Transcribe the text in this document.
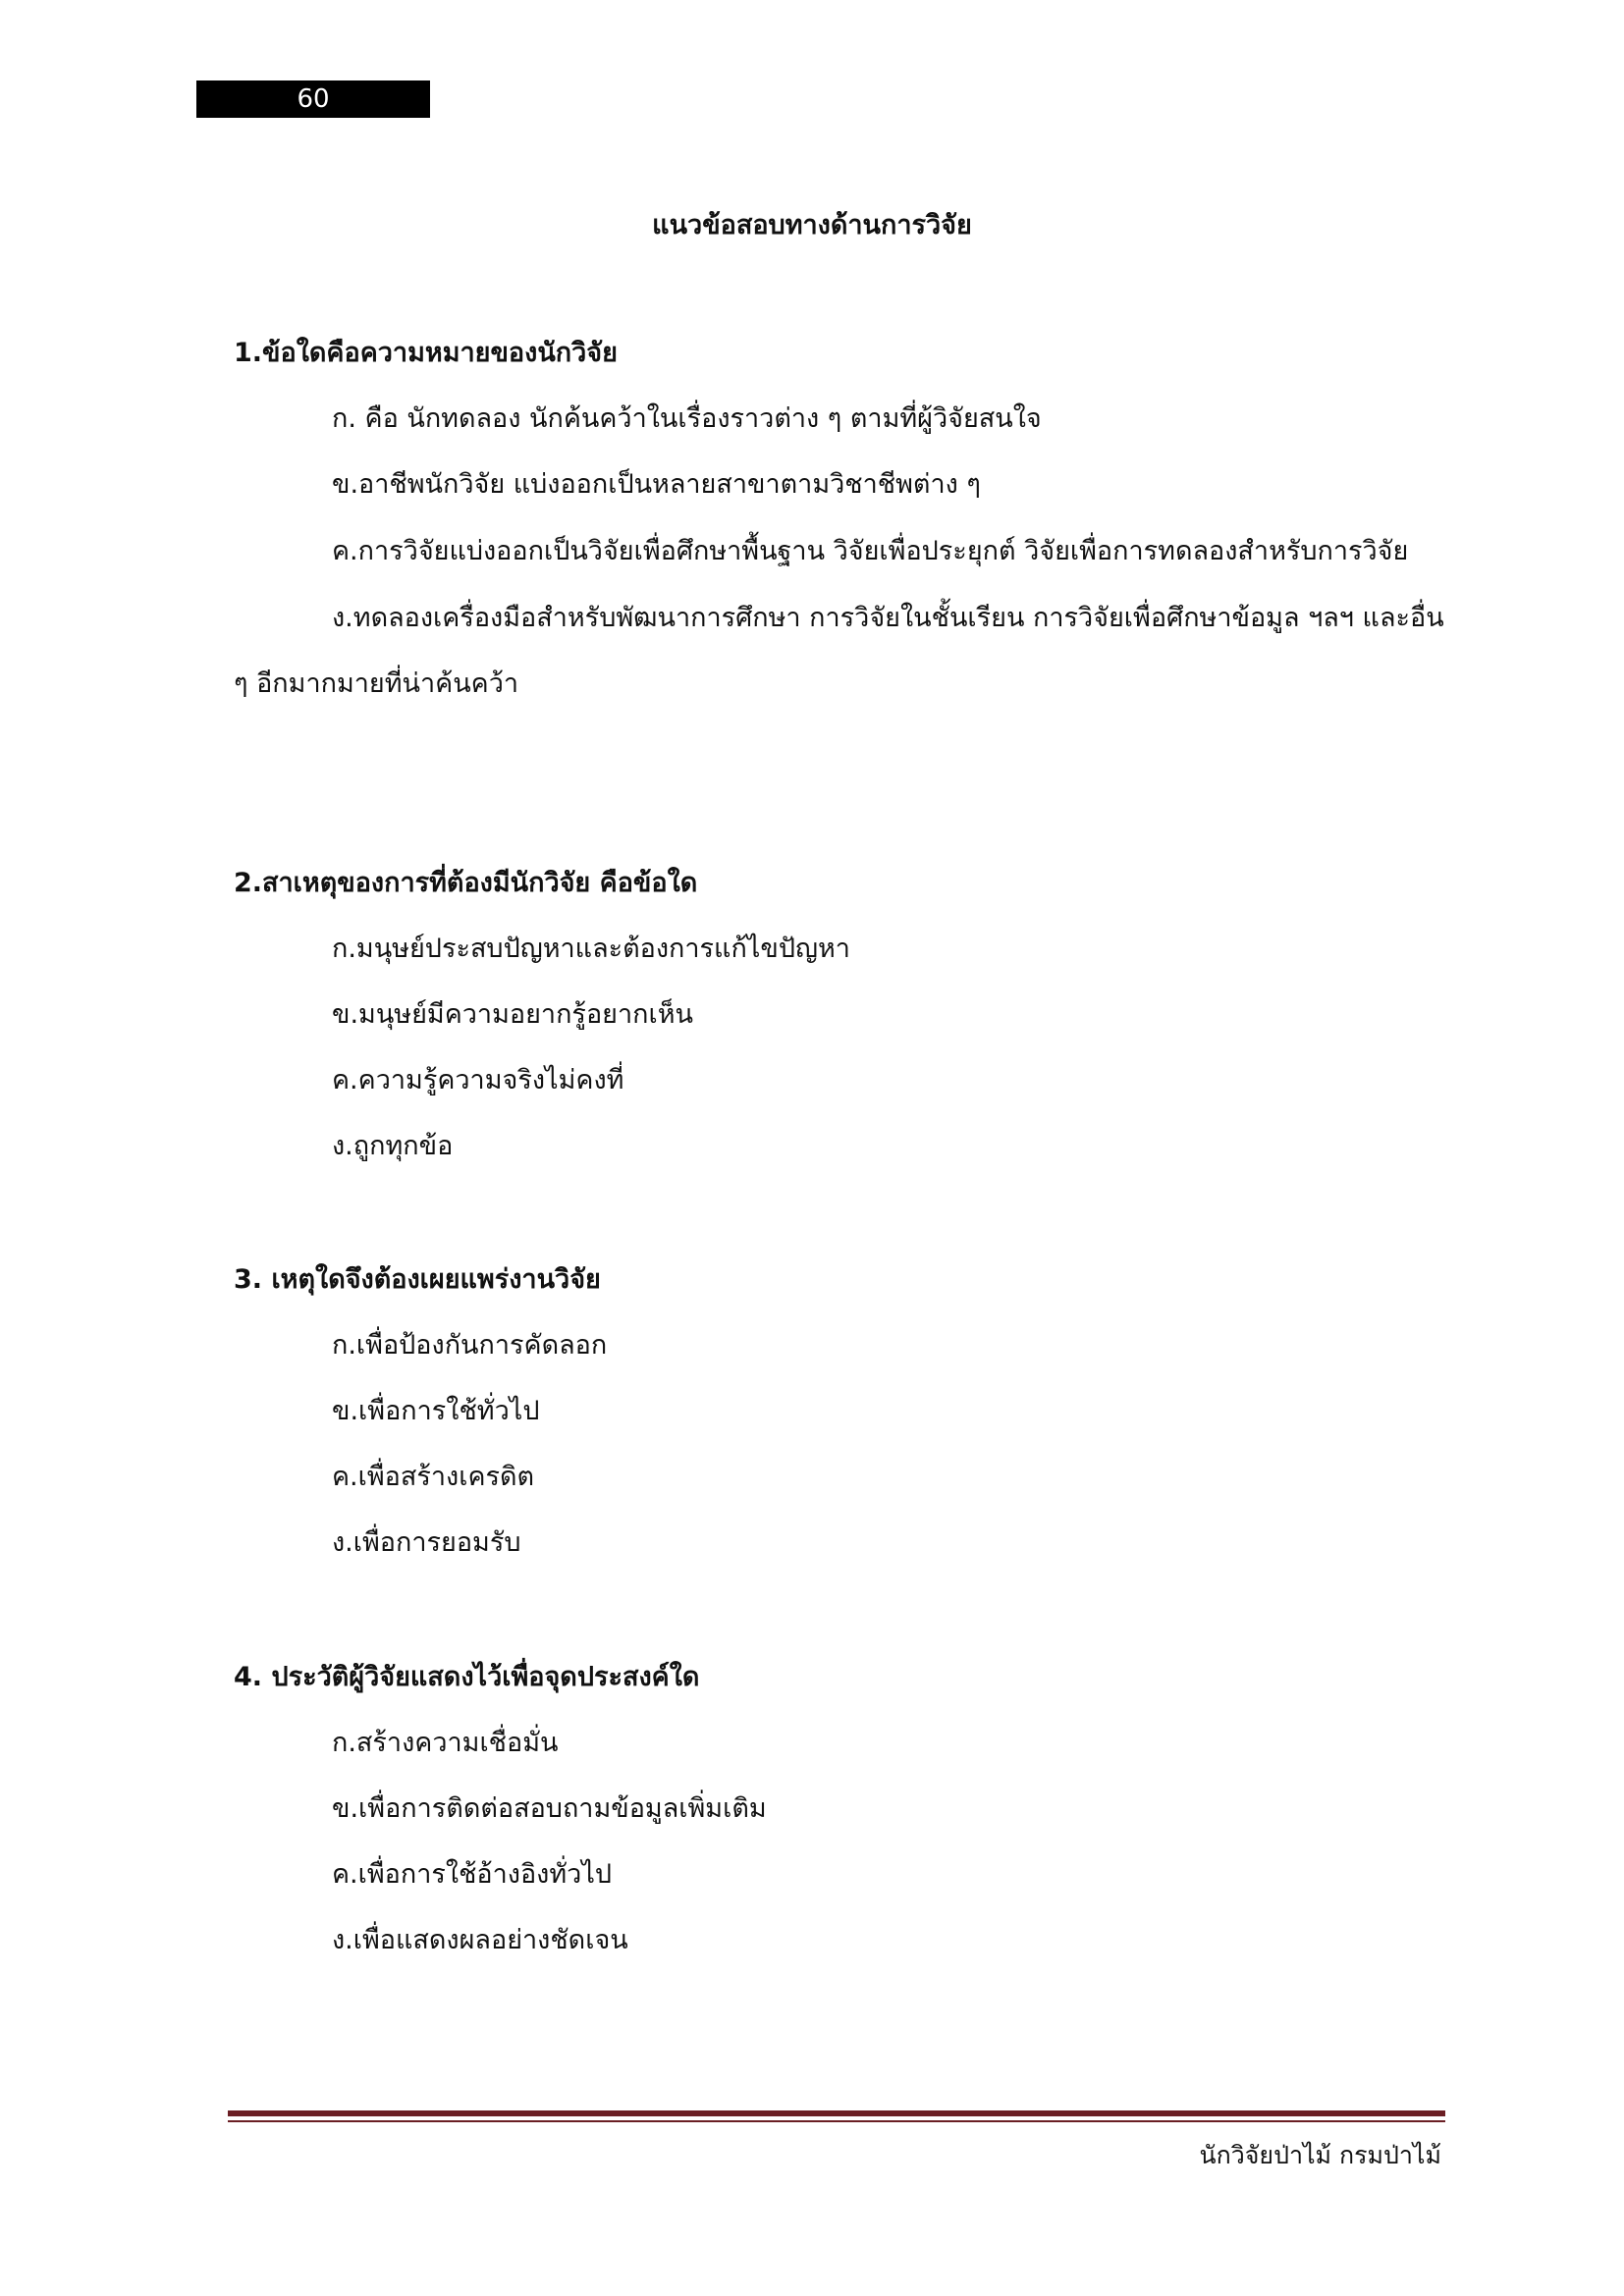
60
แนวข้อสอบทางด้านการวิจัย
1.ข้อใดคือความหมายของนักวิจัย
ก. คือ นักทดลอง นักค้นคว้าในเรื่องราวต่าง ๆ ตามที่ผู้วิจัยสนใจ
ข.อาชีพนักวิจัย แบ่งออกเป็นหลายสาขาตามวิชาชีพต่าง ๆ
ค.การวิจัยแบ่งออกเป็นวิจัยเพื่อศึกษาพื้นฐาน วิจัยเพื่อประยุกต์ วิจัยเพื่อการทดลองสำหรับการวิจัย
ง.ทดลองเครื่องมือสำหรับพัฒนาการศึกษา การวิจัยในชั้นเรียน การวิจัยเพื่อศึกษาข้อมูล ฯลฯ และอื่น ๆ อีกมากมายที่น่าค้นคว้า
2.สาเหตุของการที่ต้องมีนักวิจัย คือข้อใด
ก.มนุษย์ประสบปัญหาและต้องการแก้ไขปัญหา
ข.มนุษย์มีความอยากรู้อยากเห็น
ค.ความรู้ความจริงไม่คงที่
ง.ถูกทุกข้อ
3. เหตุใดจึงต้องเผยแพร่งานวิจัย
ก.เพื่อป้องกันการคัดลอก
ข.เพื่อการใช้ทั่วไป
ค.เพื่อสร้างเครดิต
ง.เพื่อการยอมรับ
4. ประวัติผู้วิจัยแสดงไว้เพื่อจุดประสงค์ใด
ก.สร้างความเชื่อมั่น
ข.เพื่อการติดต่อสอบถามข้อมูลเพิ่มเติม
ค.เพื่อการใช้อ้างอิงทั่วไป
ง.เพื่อแสดงผลอย่างชัดเจน
นักวิจัยป่าไม้ กรมป่าไม้
